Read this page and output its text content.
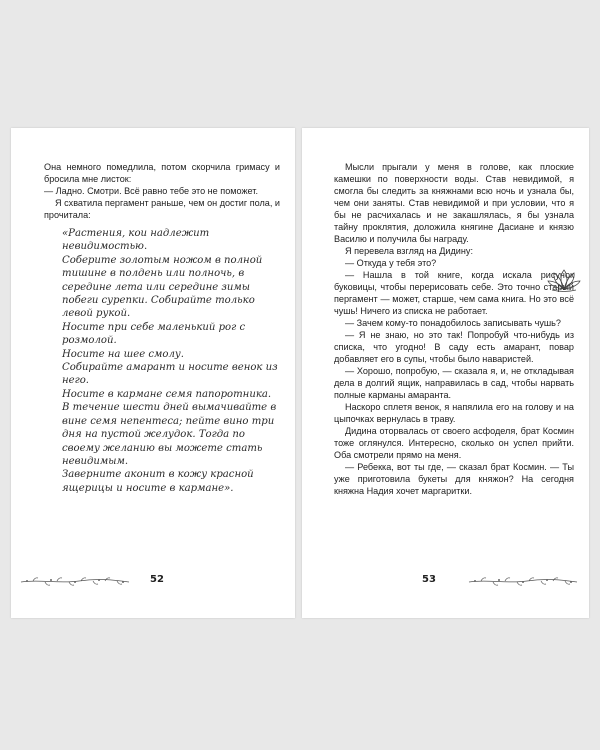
Она немного помедлила, потом скорчила гримасу и бросила мне листок:

— Ладно. Смотри. Всё равно тебе это не поможет.

Я схватила пергамент раньше, чем он достиг пола, и прочитала:

«Растения, кои надлежит невидимостью.

Соберите золотым ножом в полной тишине в полдень или полночь, в середине лета или середине зимы побеги сурепки. Собирайте только левой рукой.

Носите при себе маленький рог с розмолой.

Носите на шее смолу.

Собирайте амарант и носите венок из него.

Носите в кармане семя папоротника.

В течение шести дней вымачивайте в вине семя непентеса; пейте вино три дня на пустой желудок. Тогда по своему желанию вы можете стать невидимым.

Заверните аконит в кожу красной ящерицы и носите в кармане».

52

Мысли прыгали у меня в голове, как плоские камешки по поверхности воды. Став невидимой, я смогла бы следить за княжнами всю ночь и узнала бы, чем они заняты. Став невидимой и при условии, что я бы не расчихалась и не закашлялась, я бы узнала тайну проклятия, доложила княгине Дасиане и князю Василю и получила бы награду.

Я перевела взгляд на Дидину:

— Откуда у тебя это?

— Нашла в той книге, когда искала рисунок буковицы, чтобы перерисовать себе. Это точно старый пергамент — может, старше, чем сама книга. Но это всё чушь! Ничего из списка не работает.

— Зачем кому-то понадобилось записывать чушь?

— Я не знаю, но это так! Попробуй что-нибудь из списка, что угодно! В саду есть амарант, повар добавляет его в супы, чтобы было наваристей.

— Хорошо, попробую, — сказала я, и, не откладывая дела в долгий ящик, направилась в сад, чтобы нарвать полные карманы амаранта.

Наскоро сплетя венок, я напялила его на голову и на цыпочках вернулась в траву.

Дидина оторвалась от своего асфоделя, брат Космин тоже оглянулся. Интересно, сколько он успел прийти. Оба смотрели прямо на меня.

— Ребекка, вот ты где, — сказал брат Космин. — Ты уже приготовила букеты для княжон? На сегодня княжна Надия хочет маргаритки.

53
